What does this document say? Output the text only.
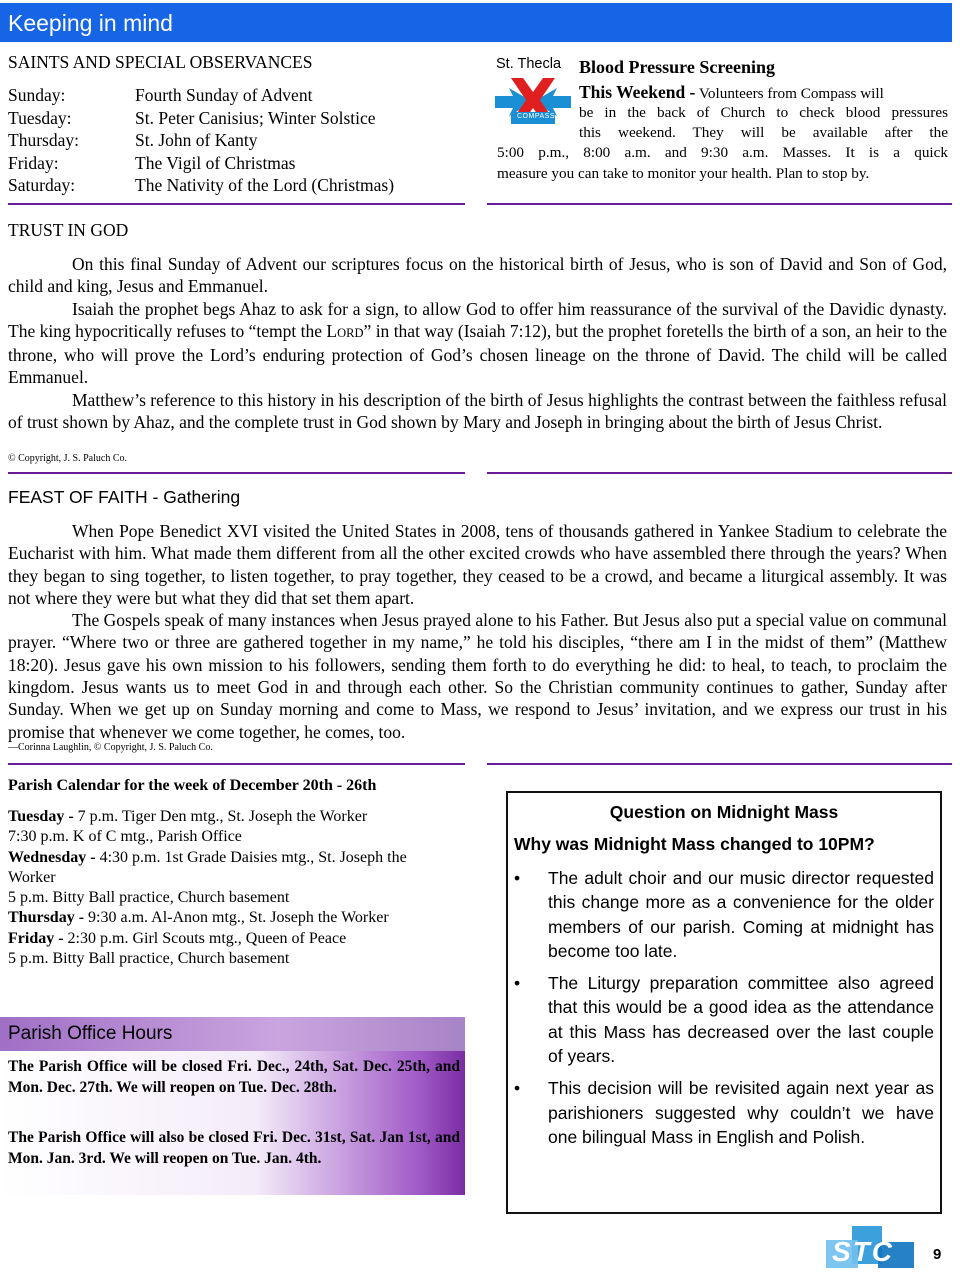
Keeping in mind
SAINTS AND SPECIAL OBSERVANCES
Sunday:	Fourth Sunday of Advent
Tuesday:	St. Peter Canisius; Winter Solstice
Thursday:	St. John of Kanty
Friday:	The Vigil of Christmas
Saturday:	The Nativity of the Lord (Christmas)
St. Thecla
COMPASS
Blood Pressure Screening
This Weekend - Volunteers from Compass will
be in the back of Church to check blood pressures
this weekend. They will be available after the
5:00 p.m., 8:00 a.m. and 9:30 a.m. Masses. It is a quick
measure you can take to monitor your health. Plan to stop by.
TRUST IN GOD

On this final Sunday of Advent our scriptures focus on the historical birth of Jesus, who is son of David and Son of God, child and king, Jesus and Emmanuel.

Isaiah the prophet begs Ahaz to ask for a sign, to allow God to offer him reassurance of the survival of the Davidic dynasty. The king hypocritically refuses to “tempt the LORD” in that way (Isaiah 7:12), but the prophet foretells the birth of a son, an heir to the throne, who will prove the Lord’s enduring protection of God’s chosen lineage on the throne of David. The child will be called Emmanuel.

Matthew’s reference to this history in his description of the birth of Jesus highlights the contrast between the faithless refusal of trust shown by Ahaz, and the complete trust in God shown by Mary and Joseph in bringing about the birth of Jesus Christ.

© Copyright, J. S. Paluch Co.
FEAST OF FAITH - Gathering

When Pope Benedict XVI visited the United States in 2008, tens of thousands gathered in Yankee Stadium to celebrate the Eucharist with him. What made them different from all the other excited crowds who have assembled there through the years? When they began to sing together, to listen together, to pray together, they ceased to be a crowd, and became a liturgical assembly. It was not where they were but what they did that set them apart.

The Gospels speak of many instances when Jesus prayed alone to his Father. But Jesus also put a special value on communal prayer. “Where two or three are gathered together in my name,” he told his disciples, “there am I in the midst of them” (Matthew 18:20). Jesus gave his own mission to his followers, sending them forth to do everything he did: to heal, to teach, to proclaim the kingdom. Jesus wants us to meet God in and through each other. So the Christian community continues to gather, Sunday after Sunday. When we get up on Sunday morning and come to Mass, we respond to Jesus’ invitation, and we express our trust in his promise that whenever we come together, he comes, too.

—Corinna Laughlin, © Copyright, J. S. Paluch Co.
Parish Calendar for the week of December 20th - 26th
Tuesday - 7 p.m. Tiger Den mtg., St. Joseph the Worker
7:30 p.m. K of C mtg., Parish Office
Wednesday - 4:30 p.m. 1st Grade Daisies mtg., St. Joseph the
Worker
5 p.m. Bitty Ball practice, Church basement
Thursday - 9:30 a.m. Al-Anon mtg., St. Joseph the Worker
Friday - 2:30 p.m. Girl Scouts mtg., Queen of Peace
5 p.m. Bitty Ball practice, Church basement
Parish Office Hours

The Parish Office will be closed Fri. Dec., 24th, Sat. Dec. 25th, and Mon. Dec. 27th. We will reopen on Tue. Dec. 28th.

The Parish Office will also be closed Fri. Dec. 31st, Sat. Jan 1st, and Mon. Jan. 3rd. We will reopen on Tue. Jan. 4th.

Question on Midnight Mass
Why was Midnight Mass changed to 10PM?
• The adult choir and our music director requested this change more as a convenience for the older members of our parish. Coming at midnight has become too late.
• The Liturgy preparation committee also agreed that this would be a good idea as the attendance at this Mass has decreased over the last couple of years.
• This decision will be revisited again next year as parishioners suggested why couldn’t we have one bilingual Mass in English and Polish.
STC	9
